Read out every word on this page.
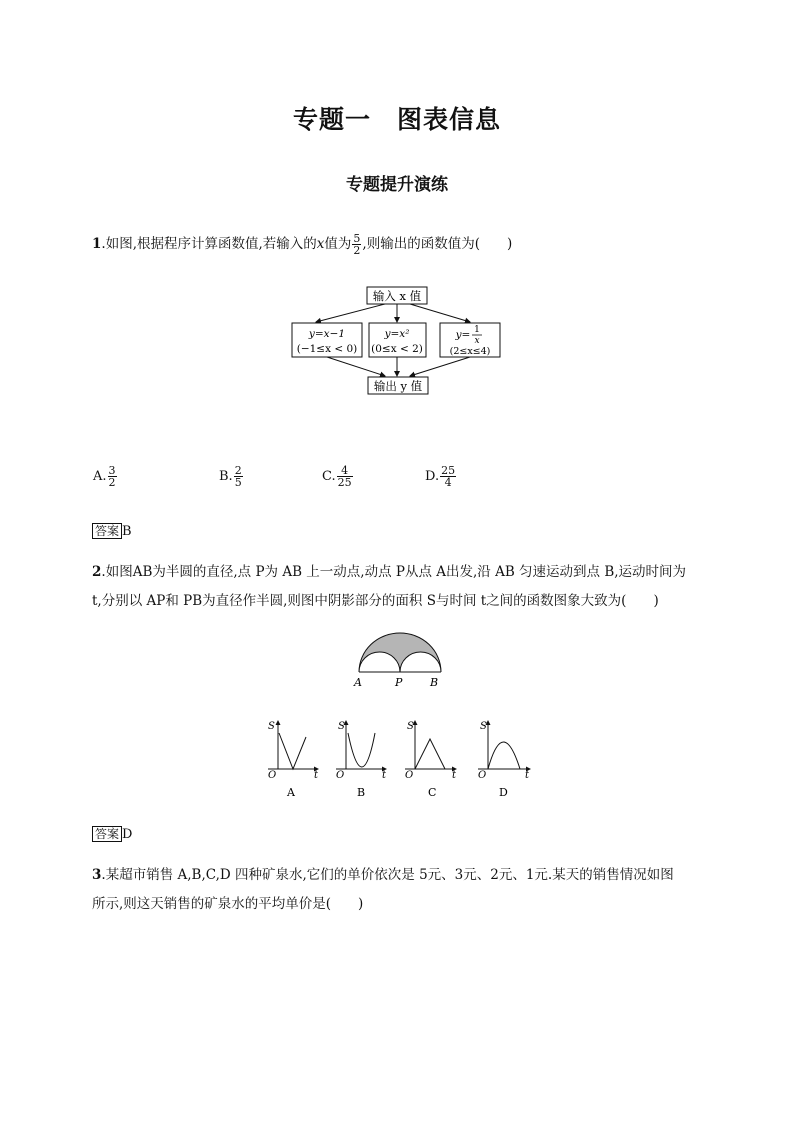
专题一　图表信息
专题提升演练
1.如图,根据程序计算函数值,若输入的x值为 $\frac{5}{2}$ ,则输出的函数值为(　　)
输入 x 值
y=x−1
(−1≤x < 0)
y=x²
(0≤x < 2)
y= 1
x
(2≤x≤4)
输出 y 值
A. $\frac{3}{2}$	B. $\frac{2}{5}$	C. $\frac{4}{25}$	D. $\frac{25}{4}$
答案 B
2.如图AB为半圆的直径,点 P为 AB 上一动点,动点 P从点 A出发,沿 AB 匀速运动到点 B,运动时间为
t,分别以 AP和 PB为直径作半圆,则图中阴影部分的面积 S与时间 t之间的函数图象大致为(　　)
A	P	B
S
O	t
A
S
O	t
B
S
O	t
C
S
O	t
D
答案 D
3.某超市销售 A,B,C,D 四种矿泉水,它们的单价依次是 5元、3元、2元、1元.某天的销售情况如图
所示,则这天销售的矿泉水的平均单价是(　　)
